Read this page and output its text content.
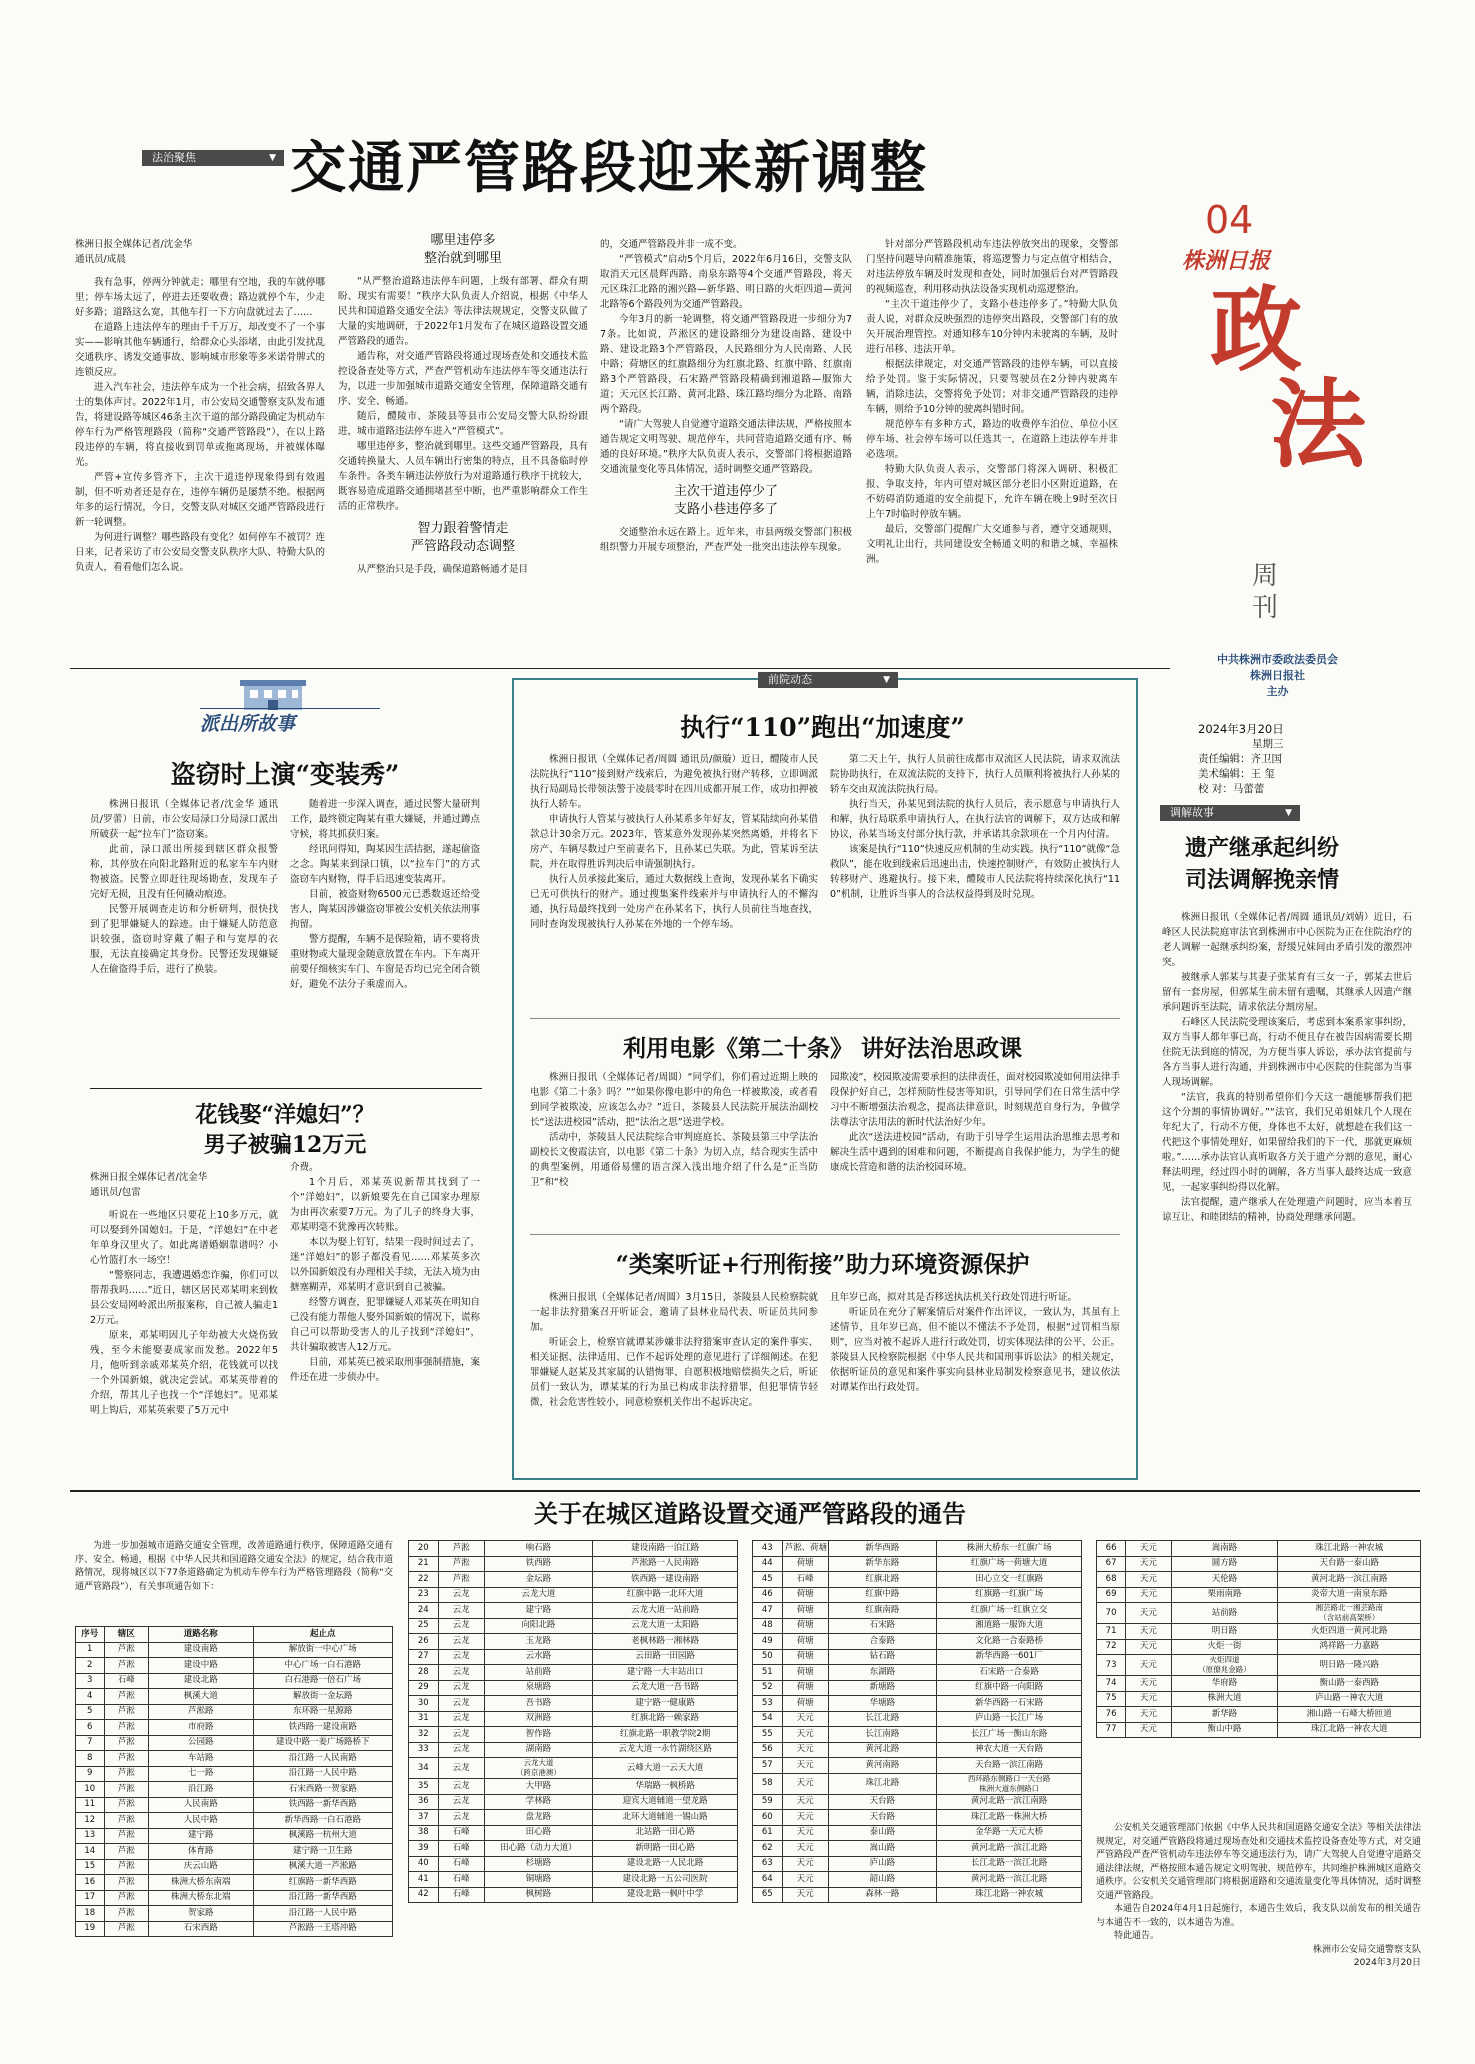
法治聚焦	▼ 交通严管路段迎来新调整
04
株洲日报
政
法
周刊
中共株洲市委政法委员会
株洲日报社
主办
2024年3月20日
星期三
责任编辑：齐卫国
美术编辑：王 玺
校 对：马蕾蕾

株洲日报全媒体记者/沈金华

通讯员/成晨

我有急事，停两分钟就走；哪里有空地，我的车就停哪里；停车场太远了，停进去还要收费；路边就停个车，少走好多路；道路这么宽，其他车打一下方向盘就过去了……

在道路上违法停车的理由千千万万，却改变不了一个事实——影响其他车辆通行，给群众心头添堵，由此引发扰乱交通秩序、诱发交通事故、影响城市形象等多米诺骨牌式的连锁反应。

进入汽车社会，违法停车成为一个社会病，招致各界人士的集体声讨。2022年1月，市公安局交通警察支队发布通告，将建设路等城区46条主次干道的部分路段确定为机动车停车行为严格管理路段（简称“交通严管路段”），在以上路段违停的车辆，将直接收到罚单或拖离现场，并被媒体曝光。

严管+宣传多管齐下，主次干道违停现象得到有效遏制，但不听劝者还是存在，违停车辆仍是屡禁不绝。根据两年多的运行情况，今日，交警支队对城区交通严管路段进行新一轮调整。

为何进行调整？哪些路段有变化？如何停车不被罚？连日来，记者采访了市公安局交警支队秩序大队、特勤大队的负责人，看看他们怎么说。

哪里违停多
整治就到哪里

“从严整治道路违法停车问题，上级有部署、群众有期盼、现实有需要！”秩序大队负责人介绍说，根据《中华人民共和国道路交通安全法》等法律法规规定，交警支队做了大量的实地调研，于2022年1月发布了在城区道路设置交通严管路段的通告。

通告称，对交通严管路段将通过现场查处和交通技术监控设备查处等方式，严查严管机动车违法停车等交通违法行为，以进一步加强城市道路交通安全管理，保障道路交通有序、安全、畅通。

随后，醴陵市、茶陵县等县市公安局交警大队纷纷跟进，城市道路违法停车进入“严管模式”。

哪里违停多，整治就到哪里。这些交通严管路段，具有交通转换量大、人员车辆出行密集的特点，且不具备临时停车条件。各类车辆违法停放行为对道路通行秩序干扰较大，既容易造成道路交通拥堵甚至中断，也严重影响群众工作生活的正常秩序。

智力跟着警情走
严管路段动态调整

从严整治只是手段，确保道路畅通才是目

的，交通严管路段并非一成不变。

“严管模式”启动5个月后，2022年6月16日，交警支队取消天元区晨辉西路、南泉东路等4个交通严管路段，将天元区珠江北路的湘兴路—新华路、明日路的火炬四道—黄河北路等6个路段列为交通严管路段。

今年3月的新一轮调整，将交通严管路段进一步细分为77条。比如说，芦淞区的建设路细分为建设南路、建设中路、建设北路3个严管路段，人民路细分为人民南路、人民中路；荷塘区的红旗路细分为红旗北路、红旗中路、红旗南路3个严管路段，石宋路严管路段精确到湘道路—服饰大道；天元区长江路、黄河北路、珠江路均细分为北路、南路两个路段。

“请广大驾驶人自觉遵守道路交通法律法规，严格按照本通告规定文明驾驶、规范停车，共同营造道路交通有序、畅通的良好环境。”秩序大队负责人表示，交警部门将根据道路交通流量变化等具体情况，适时调整交通严管路段。

主次干道违停少了
支路小巷违停多了

交通整治永远在路上。近年来，市县两级交警部门积极组织警力开展专项整治，严查严处一批突出违法停车现象。

针对部分严管路段机动车违法停放突出的现象，交警部门坚持问题导向精准施策，将巡逻警力与定点值守相结合，对违法停放车辆及时发现和查处，同时加强后台对严管路段的视频巡查，利用移动执法设备实现机动巡逻整治。

“主次干道违停少了，支路小巷违停多了。”特勤大队负责人说，对群众反映强烈的违停突出路段，交警部门有的放矢开展治理管控。对通知移车10分钟内未驶离的车辆，及时进行吊移、违法开单。

根据法律规定，对交通严管路段的违停车辆，可以直接给予处罚。鉴于实际情况，只要驾驶员在2分钟内驶离车辆，消除违法，交警将免予处罚；对非交通严管路段的违停车辆，则给予10分钟的驶离纠错时间。

规范停车有多种方式，路边的收费停车泊位、单位小区停车场、社会停车场可以任选其一，在道路上违法停车并非必选项。

特勤大队负责人表示，交警部门将深入调研、积极汇报、争取支持，年内可望对城区部分老旧小区附近道路，在不妨碍消防通道的安全前提下，允许车辆在晚上9时至次日上午7时临时停放车辆。

最后，交警部门提醒广大交通参与者，遵守交通规则，文明礼让出行，共同建设安全畅通文明的和谐之城、幸福株洲。

派出所故事
盗窃时上演“变装秀”

株洲日报讯（全媒体记者/沈金华 通讯员/罗蕾）日前，市公安局渌口分局渌口派出所破获一起“拉车门”盗窃案。

此前，渌口派出所接到辖区群众报警称，其停放在向阳北路附近的私家车车内财物被盗。民警立即赶往现场勘查，发现车子完好无损，且没有任何撬动痕迹。

民警开展调查走访和分析研判，很快找到了犯罪嫌疑人的踪迹。由于嫌疑人防范意识较强，盗窃时穿戴了帽子和与宽厚的衣服，无法直接确定其身份。民警还发现嫌疑人在偷盗得手后，进行了换装。

随着进一步深入调查，通过民警大量研判工作，最终锁定陶某有重大嫌疑，并通过蹲点守候，将其抓获归案。

经讯问得知，陶某因生活拮据，遂起偷盗之念。陶某来到渌口镇，以“拉车门”的方式盗窃车内财物，得手后迅速变装离开。

目前，被盗财物6500元已悉数返还给受害人，陶某因涉嫌盗窃罪被公安机关依法刑事拘留。

警方提醒，车辆不是保险箱，请不要将贵重财物或大量现金随意放置在车内。下车离开前要仔细核实车门、车窗是否均已完全闭合锁好，避免不法分子乘虚而入。

花钱娶“洋媳妇”？
男子被骗12万元

株洲日报全媒体记者/沈金华

通讯员/包雷

听说在一些地区只要花上10多万元，就可以娶到外国媳妇。于是，“洋媳妇”在中老年单身汉里火了。如此离谱婚姻靠谱吗？小心竹篮打水一场空！

“警察同志，我遭遇婚恋诈骗，你们可以帮帮我吗……”近日，辖区居民邓某明来到攸县公安局网岭派出所报案称，自己被人骗走12万元。

原来，邓某明因儿子年幼被大火烧伤致残，至今未能娶妻成家而发愁。2022年5月，他听到亲戚邓某英介绍，花钱就可以找一个外国新娘，就决定尝试。邓某英带着的介绍，帮其儿子也找一个“洋媳妇”。见邓某明上钩后，邓某英索要了5万元中

介费。

1个月后，邓某英说新帮其找到了一个“洋媳妇”，以新娘要先在自己国家办理原为由再次索要7万元。为了儿子的终身大事，邓某明毫不犹豫再次转账。

本以为娶上钉钉，结果一段时间过去了，迷“洋媳妇”的影子都没看见……邓某英多次以外国新娘没有办理相关手续，无法入境为由搪塞糊弄，邓某明才意识到自己被骗。

经警方调查，犯罪嫌疑人邓某英在明知自己没有能力帮他人娶外国新娘的情况下，谎称自己可以帮助受害人的儿子找到“洋媳妇”，共计骗取被害人12万元。

目前，邓某英已被采取刑事强制措施，案件还在进一步侦办中。

前院动态	▼
执行“110”跑出“加速度”

株洲日报讯（全媒体记者/周圆 通讯员/颜璇）近日，醴陵市人民法院执行“110”接到财产线索后，为避免被执行财产转移，立即调派执行局副局长带领法警于凌晨零时在四川成都开展工作，成功扣押被执行人轿车。

申请执行人管某与被执行人孙某系多年好友，管某陆续向孙某借款总计30余万元。2023年，管某意外发现孙某突然离婚，并将名下房产、车辆尽数过户至前妻名下，且孙某已失联。为此，管某诉至法院，并在取得胜诉判决后申请强制执行。

执行人员承接此案后，通过大数据线上查询，发现孙某名下确实已无可供执行的财产。通过搜集案件线索并与申请执行人的不懈沟通，执行局最终找到一处房产在孙某名下，执行人员前往当地查找，同时查询发现被执行人孙某在外地的一个停车场。

第二天上午，执行人员前往成都市双流区人民法院，请求双流法院协助执行，在双流法院的支持下，执行人员顺利将被执行人孙某的轿车交由双流法院执行局。

执行当天，孙某见到法院的执行人员后，表示愿意与申请执行人和解，执行局联系申请执行人，在执行法官的调解下，双方达成和解协议，孙某当场支付部分执行款，并承诺其余款项在一个月内付清。

该案是执行“110”快速反应机制的生动实践。执行“110”就像“急救队”，能在收到线索后迅速出击，快速控制财产，有效防止被执行人转移财产、逃避执行。接下来，醴陵市人民法院将持续深化执行“110”机制，让胜诉当事人的合法权益得到及时兑现。

利用电影《第二十条》 讲好法治思政课

株洲日报讯（全媒体记者/周圆）“同学们，你们看过近期上映的电影《第二十条》吗？”“如果你像电影中的角色一样被欺凌，或者看到同学被欺凌，应该怎么办？”近日，茶陵县人民法院开展法治副校长“送法进校园”活动，把“法治之思”送进学校。

活动中，茶陵县人民法院综合审判庭庭长、茶陵县第三中学法治副校长文俊霞法官，以电影《第二十条》为切入点，结合现实生活中的典型案例，用通俗易懂的语言深入浅出地介绍了什么是“正当防卫”和“校

园欺凌”，校园欺凌需要承担的法律责任，面对校园欺凌如何用法律手段保护好自己，怎样预防性侵害等知识，引导同学们在日常生活中学习中不断增强法治观念，提高法律意识，时刻规范自身行为，争做学法尊法守法用法的新时代法治好少年。

此次“送法进校园”活动，有助于引导学生运用法治思维去思考和解决生活中遇到的困难和问题，不断提高自我保护能力，为学生的健康成长营造和谐的法治校园环境。

“类案听证+行刑衔接”助力环境资源保护

株洲日报讯（全媒体记者/周圆）3月15日，茶陵县人民检察院就一起非法狩猎案召开听证会，邀请了县林业局代表、听证员共同参加。

听证会上，检察官就谭某涉嫌非法狩猎案审查认定的案件事实、相关证据、法律适用、已作不起诉处理的意见进行了详细阐述。在犯罪嫌疑人赵某及其家属的认错悔罪、自愿积极地赔偿损失之后，听证员们一致认为，谭某某的行为虽已构成非法狩猎罪，但犯罪情节轻微，社会危害性较小，同意检察机关作出不起诉决定。

且年岁已高，拟对其是否移送执法机关行政处罚进行听证。

听证员在充分了解案情后对案件作出评议，一致认为，其虽有上述情节，且年岁已高，但不能以不懂法不予处罚，根据“过罚相当原则”，应当对被不起诉人进行行政处罚，切实体现法律的公平、公正。茶陵县人民检察院根据《中华人民共和国刑事诉讼法》的相关规定，依据听证员的意见和案件事实向县林业局制发检察意见书，建议依法对谭某作出行政处罚。

调解故事	▼
遗产继承起纠纷
司法调解挽亲情

株洲日报讯（全媒体记者/周圆 通讯员/刘婧）近日，石峰区人民法院庭审法官到株洲市中心医院为正在住院治疗的老人调解一起继承纠纷案，舒缓兄妹间由矛盾引发的激烈冲突。

被继承人郭某与其妻子张某育有三女一子，郭某去世后留有一套房屋，但郭某生前未留有遗嘱，其继承人因遗产继承问题诉至法院，请求依法分割房屋。

石峰区人民法院受理该案后，考虑到本案系家事纠纷，双方当事人都年事已高，行动不便且存在被告因病需要长期住院无法到庭的情况，为方便当事人诉讼，承办法官提前与各方当事人进行沟通，并到株洲市中心医院的住院部为当事人现场调解。

“法官，我真的特别希望你们今天这一趟能够帮我们把这个分割的事情协调好。”“法官，我们兄弟姐妹几个人现在年纪大了，行动不方便，身体也不太好，就想趁在我们这一代把这个事情处理好，如果留给我们的下一代，那就更麻烦啦。”……承办法官认真听取各方关于遗产分割的意见，耐心释法明理，经过四小时的调解，各方当事人最终达成一致意见，一起家事纠纷得以化解。

法官提醒，遗产继承人在处理遗产问题时，应当本着互谅互让、和睦团结的精神，协商处理继承问题。

关于在城区道路设置交通严管路段的通告

为进一步加强城市道路交通安全管理，改善道路通行秩序，保障道路交通有序、安全、畅通，根据《中华人民共和国道路交通安全法》的规定，结合我市道路情况，现将城区以下77条道路确定为机动车停车行为严格管理路段（简称“交通严管路段”），有关事项通告如下：

序号	辖区	道路名称	起止点
1	芦淞	建设南路	解放街一中心广场
2	芦淞	建设中路	中心广场一白石港路
3	石峰	建设北路	白石港路一倍石广场
4	芦淞	枫溪大道	解放街一金坛路
5	芦淞	芦淞路	东环路一星源路
6	芦淞	市府路	铁西路一建设南路
7	芦淞	公园路	建设中路一姜广场路桥下
8	芦淞	车站路	沿江路一人民南路
9	芦淞	七一路	沿江路一人民中路
10	芦淞	沿江路	石宋西路一贺家路
11	芦淞	人民南路	铁西路一新华西路
12	芦淞	人民中路	新华西路一白石港路
13	芦淞	建宁路	枫溪路一杭州大道
14	芦淞	体育路	建宁路一卫生路
15	芦淞	庆云山路	枫溪大道一芦淞路
16	芦淞	株洲大桥东南端	红旗路一新华西路
17	芦淞	株洲大桥东北端	沿江路一新华西路
18	芦淞	贺家路	沿江路一人民中路
19	芦淞	石宋西路	芦淞路一王塔冲路
20	芦淞	响石路	建设南路一泊江路
21	芦淞	铁西路	芦淞路一人民南路
22	芦淞	金坛路	铁西路一建设南路
23	云龙	云龙大道	红旗中路一北环大道
24	云龙	建宁路	云龙大道一站前路
25	云龙	向阳北路	云龙大道一太阳路
26	云龙	玉龙路	老枫林路一湘林路
27	云龙	云水路	云田路一田园路
28	云龙	站前路	建宁路一大丰站出口
29	云龙	泉塘路	云龙大道一吾书路
30	云龙	吾书路	建宁路一健康路
31	云龙	双洲路	红旗北路一赖家路
32	云龙	智作路	红旗北路一职教学院2期
33	云龙	湖南路	云龙大道一永竹湖绕区路
34	云龙	云龙大道
（跨京港澳）	云峰大道一云天大道
35	云龙	大甲路	华瑞路一枫桥路
36	云龙	学林路	迎宾大道辅道一望龙路
37	云龙	盘龙路	北环大道辅道一锡山路
38	石峰	田心路	北站路一田心路
39	石峰	田心路（动力大道）	新明路一田心路
40	石峰	杉塘路	建设北路一人民北路
41	石峰	铜塘路	建设北路一五公司医院
42	石峰	枫树路	建设北路一枫叶中学
43	芦淞、荷塘	新华西路	株洲大桥东一红旗广场
44	荷塘	新华东路	红旗广场一荷塘大道
45	石峰	红旗北路	田心立交一红旗路
46	荷塘	红旗中路	红旗路一红旗广场
47	荷塘	红旗南路	红旗广场一红旗立交
48	荷塘	石宋路	湘道路一服饰大道
49	荷塘	合泰路	文化路一合泰路桥
50	荷塘	钻石路	新华西路一601厂
51	荷塘	东湖路	石宋路一合泰路
52	荷塘	新塘路	红旗中路一向阳路
53	荷塘	华塘路	新华西路一石宋路
54	天元	长江北路	庐山路一长江广场
55	天元	长江南路	长江广场一衡山东路
56	天元	黄河北路	神农大道一天台路
57	天元	黄河南路	天台路一滨江南路
58	天元	珠江北路	西环路东侧路口一天台路
株洲大道东侧路口
59	天元	天台路	黄河北路一滨江南路
60	天元	天台路	珠江北路一株洲大桥
61	天元	泰山路	金华路一天元大桥
62	天元	嵩山路	黄河北路一滨江北路
63	天元	庐山路	长江北路一滨江北路
64	天元	韶山路	黄河北路一滨江北路
65	天元	森林一路	珠江北路一神农城
66	天元	嵩南路	珠江北路一神农城
67	天元	圆方路	天台路一泰山路
68	天元	天伦路	黄河北路一滨江南路
69	天元	栗雨南路	炎帝大道一南泉东路
70	天元	站前路	湘芸路北一湘芸路南
（含站前高架桥）
71	天元	明日路	火炬四道一黄河北路
72	天元	火炬一街	鸿祥路一力嘉路
73	天元	火炬四道
（原僚兆金路）	明日路一隆兴路
74	天元	华府路	衡山路一泰西路
75	天元	株洲大道	庐山路一神农大道
76	天元	新华路	湘山路一石峰大桥匝道
77	天元	衡山中路	珠江北路一神农大道

公安机关交通管理部门依据《中华人民共和国道路交通安全法》等相关法律法规规定，对交通严管路段将通过现场查处和交通技术监控设备查处等方式，对交通严管路段严查严管机动车违法停车等交通违法行为，请广大驾驶人自觉遵守道路交通法律法规，严格按照本通告规定文明驾驶、规范停车，共同维护株洲城区道路交通秩序。公安机关交通管理部门将根据道路和交通流量变化等具体情况，适时调整交通严管路段。

本通告自2024年4月1日起施行，本通告生效后，我支队以前发布的相关通告与本通告不一致的，以本通告为准。

特此通告。

株洲市公安局交通警察支队
2024年3月20日
